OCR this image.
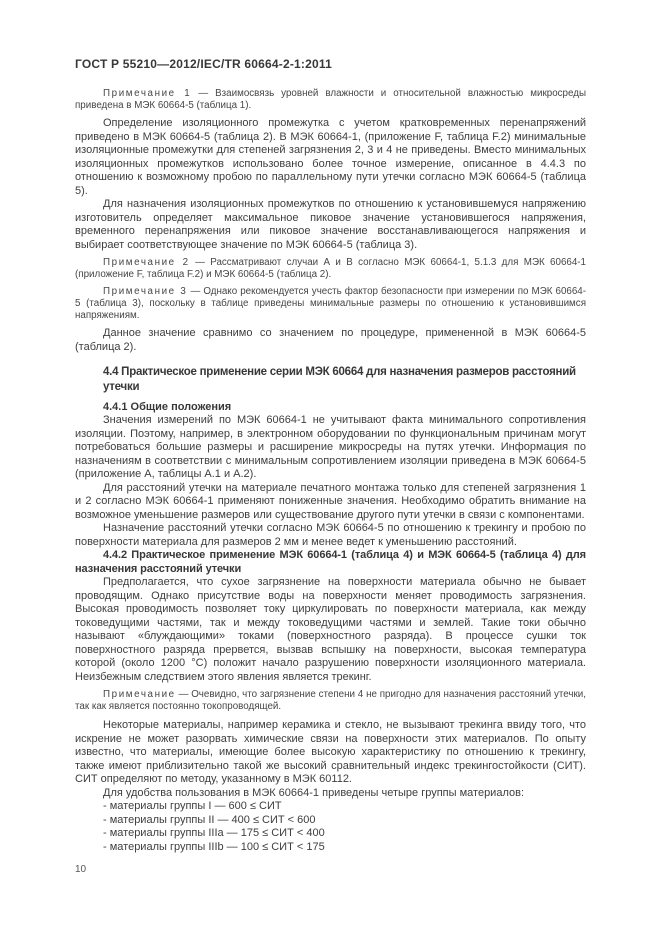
ГОСТ Р 55210—2012/IEC/TR 60664-2-1:2011

Примечание 1 — Взаимосвязь уровней влажности и относительной влажностью микросреды приведена в МЭК 60664-5 (таблица 1).

Определение изоляционного промежутка с учетом кратковременных перенапряжений приведено в МЭК 60664-5 (таблица 2). В МЭК 60664-1, (приложение F, таблица F.2) минимальные изоляционные промежутки для степеней загрязнения 2, 3 и 4 не приведены. Вместо минимальных изоляционных промежутков использовано более точное измерение, описанное в 4.4.3 по отношению к возможному пробою по параллельному пути утечки согласно МЭК 60664-5 (таблица 5).

Для назначения изоляционных промежутков по отношению к установившемуся напряжению изготовитель определяет максимальное пиковое значение установившегося напряжения, временного перенапряжения или пиковое значение восстанавливающегося напряжения и выбирает соответствующее значение по МЭК 60664-5 (таблица 3).

Примечание 2 — Рассматривают случаи А и В согласно МЭК 60664-1, 5.1.3 для МЭК 60664-1 (приложение F, таблица F.2) и МЭК 60664-5 (таблица 2).

Примечание 3 — Однако рекомендуется учесть фактор безопасности при измерении по МЭК 60664-5 (таблица 3), поскольку в таблице приведены минимальные размеры по отношению к установившимся напряжениям.

Данное значение сравнимо со значением по процедуре, примененной в МЭК 60664-5 (таблица 2).

4.4 Практическое применение серии МЭК 60664 для назначения размеров расстояний утечки

4.4.1 Общие положения

Значения измерений по МЭК 60664-1 не учитывают факта минимального сопротивления изоляции. Поэтому, например, в электронном оборудовании по функциональным причинам могут потребоваться большие размеры и расширение микросреды на путях утечки. Информация по назначениям в соответствии с минимальным сопротивлением изоляции приведена в МЭК 60664-5 (приложение А, таблицы А.1 и А.2).

Для расстояний утечки на материале печатного монтажа только для степеней загрязнения 1 и 2 согласно МЭК 60664-1 применяют пониженные значения. Необходимо обратить внимание на возможное уменьшение размеров или существование другого пути утечки в связи с компонентами.

Назначение расстояний утечки согласно МЭК 60664-5 по отношению к трекингу и пробою по поверхности материала для размеров 2 мм и менее ведет к уменьшению расстояний.

4.4.2 Практическое применение МЭК 60664-1 (таблица 4) и МЭК 60664-5 (таблица 4) для назначения расстояний утечки

Предполагается, что сухое загрязнение на поверхности материала обычно не бывает проводящим. Однако присутствие воды на поверхности меняет проводимость загрязнения. Высокая проводимость позволяет току циркулировать по поверхности материала, как между токоведущими частями, так и между токоведущими частями и землей. Такие токи обычно называют «блуждающими» токами (поверхностного разряда). В процессе сушки ток поверхностного разряда прервется, вызвав вспышку на поверхности, высокая температура которой (около 1200 °С) положит начало разрушению поверхности изоляционного материала. Неизбежным следствием этого явления является трекинг.

Примечание — Очевидно, что загрязнение степени 4 не пригодно для назначения расстояний утечки, так как является постоянно токопроводящей.

Некоторые материалы, например керамика и стекло, не вызывают трекинга ввиду того, что искрение не может разорвать химические связи на поверхности этих материалов. По опыту известно, что материалы, имеющие более высокую характеристику по отношению к трекингу, также имеют приблизительно такой же высокий сравнительный индекс трекингостойкости (СИТ). СИТ определяют по методу, указанному в МЭК 60112.

Для удобства пользования в МЭК 60664-1 приведены четыре группы материалов:

- материалы группы I — 600 ≤ СИТ

- материалы группы II — 400 ≤ СИТ < 600

- материалы группы IIIa — 175 ≤ СИТ < 400

- материалы группы IIIb — 100 ≤ СИТ < 175

10
